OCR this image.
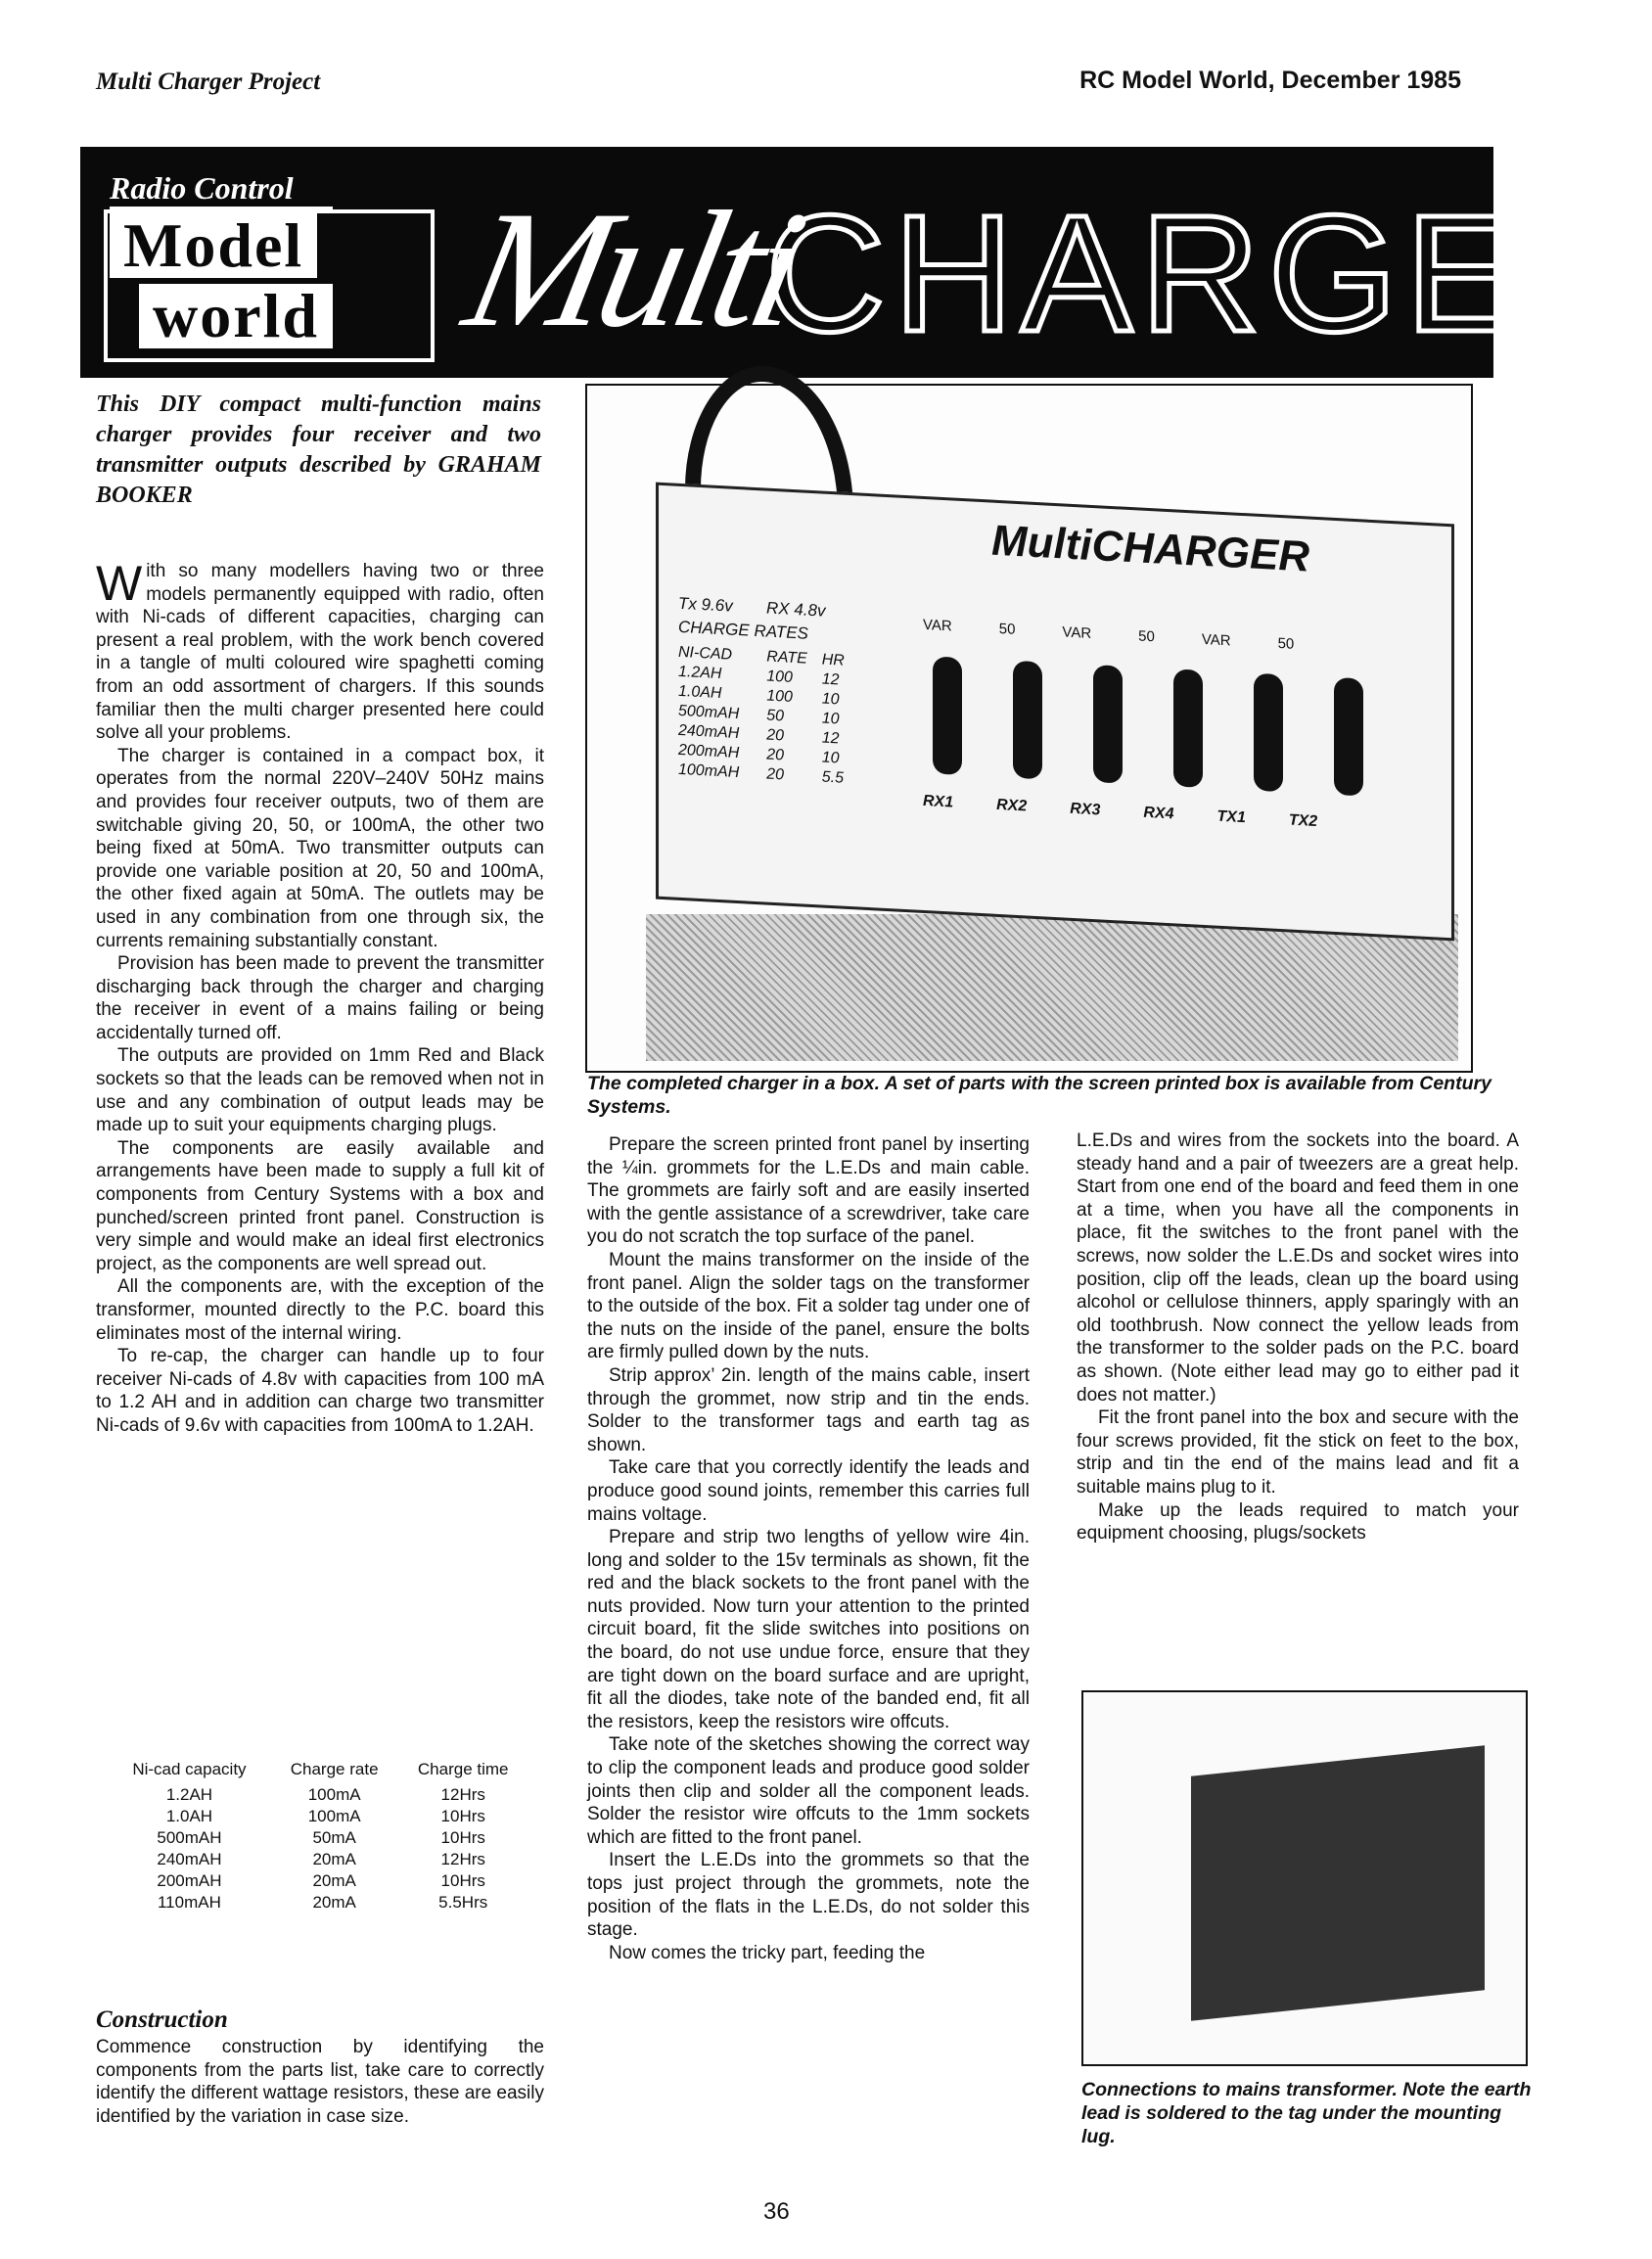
Multi Charger Project	RC Model World, December 1985
Radio Control
Model
world Multi
CHARGER
This DIY compact multi-function mains charger provides four receiver and two transmitter outputs described by GRAHAM BOOKER

With so many modellers having two or three models permanently equipped with radio, often with Ni-cads of different capacities, charging can present a real problem, with the work bench covered in a tangle of multi coloured wire spaghetti coming from an odd assortment of chargers. If this sounds familiar then the multi charger presented here could solve all your problems.

The charger is contained in a compact box, it operates from the normal 220V–240V 50Hz mains and provides four receiver outputs, two of them are switchable giving 20, 50, or 100mA, the other two being fixed at 50mA. Two transmitter outputs can provide one variable position at 20, 50 and 100mA, the other fixed again at 50mA. The outlets may be used in any combination from one through six, the currents remaining substantially constant.

Provision has been made to prevent the transmitter discharging back through the charger and charging the receiver in event of a mains failing or being accidentally turned off.

The outputs are provided on 1mm Red and Black sockets so that the leads can be removed when not in use and any combination of output leads may be made up to suit your equipments charging plugs.

The components are easily available and arrangements have been made to supply a full kit of components from Century Systems with a box and punched/screen printed front panel. Construction is very simple and would make an ideal first electronics project, as the components are well spread out.

All the components are, with the exception of the transformer, mounted directly to the P.C. board this eliminates most of the internal wiring.

To re-cap, the charger can handle up to four receiver Ni-cads of 4.8v with capacities from 100 mA to 1.2 AH and in addition can charge two transmitter Ni-cads of 9.6v with capacities from 100mA to 1.2AH.

Ni-cad capacity	Charge rate	Charge time
1.2AH	100mA	12Hrs
1.0AH	100mA	10Hrs
500mAH	50mA	10Hrs
240mAH	20mA	12Hrs
200mAH	20mA	10Hrs
110mAH	20mA	5.5Hrs
Construction

Commence construction by identifying the components from the parts list, take care to correctly identify the different wattage resistors, these are easily identified by the variation in case size.

MultiCHARGER
Tx 9.6v RX 4.8v
CHARGE RATES
NI-CAD	RATE	HR
1.2AH	100	12
1.0AH	100	10
500mAH	50	10
240mAH	20	12
200mAH	20	10
100mAH	20	5.5
VAR	50	VAR	50	VAR	50
RX1	RX2	RX3	RX4	TX1	TX2
The completed charger in a box. A set of parts with the screen printed box is available from Century Systems.

Prepare the screen printed front panel by inserting the ¼in. grommets for the L.E.Ds and main cable. The grommets are fairly soft and are easily inserted with the gentle assistance of a screwdriver, take care you do not scratch the top surface of the panel.

Mount the mains transformer on the inside of the front panel. Align the solder tags on the transformer to the outside of the box. Fit a solder tag under one of the nuts on the inside of the panel, ensure the bolts are firmly pulled down by the nuts.

Strip approx’ 2in. length of the mains cable, insert through the grommet, now strip and tin the ends. Solder to the transformer tags and earth tag as shown.

Take care that you correctly identify the leads and produce good sound joints, remember this carries full mains voltage.

Prepare and strip two lengths of yellow wire 4in. long and solder to the 15v terminals as shown, fit the red and the black sockets to the front panel with the nuts provided. Now turn your attention to the printed circuit board, fit the slide switches into positions on the board, do not use undue force, ensure that they are tight down on the board surface and are upright, fit all the diodes, take note of the banded end, fit all the resistors, keep the resistors wire offcuts.

Take note of the sketches showing the correct way to clip the component leads and produce good solder joints then clip and solder all the component leads. Solder the resistor wire offcuts to the 1mm sockets which are fitted to the front panel.

Insert the L.E.Ds into the grommets so that the tops just project through the grommets, note the position of the flats in the L.E.Ds, do not solder this stage.

Now comes the tricky part, feeding the

L.E.Ds and wires from the sockets into the board. A steady hand and a pair of tweezers are a great help. Start from one end of the board and feed them in one at a time, when you have all the components in place, fit the switches to the front panel with the screws, now solder the L.E.Ds and socket wires into position, clip off the leads, clean up the board using alcohol or cellulose thinners, apply sparingly with an old toothbrush. Now connect the yellow leads from the transformer to the solder pads on the P.C. board as shown. (Note either lead may go to either pad it does not matter.)

Fit the front panel into the box and secure with the four screws provided, fit the stick on feet to the box, strip and tin the end of the mains lead and fit a suitable mains plug to it.

Make up the leads required to match your equipment choosing, plugs/sockets

Connections to mains transformer. Note the earth lead is soldered to the tag under the mounting lug.
36
